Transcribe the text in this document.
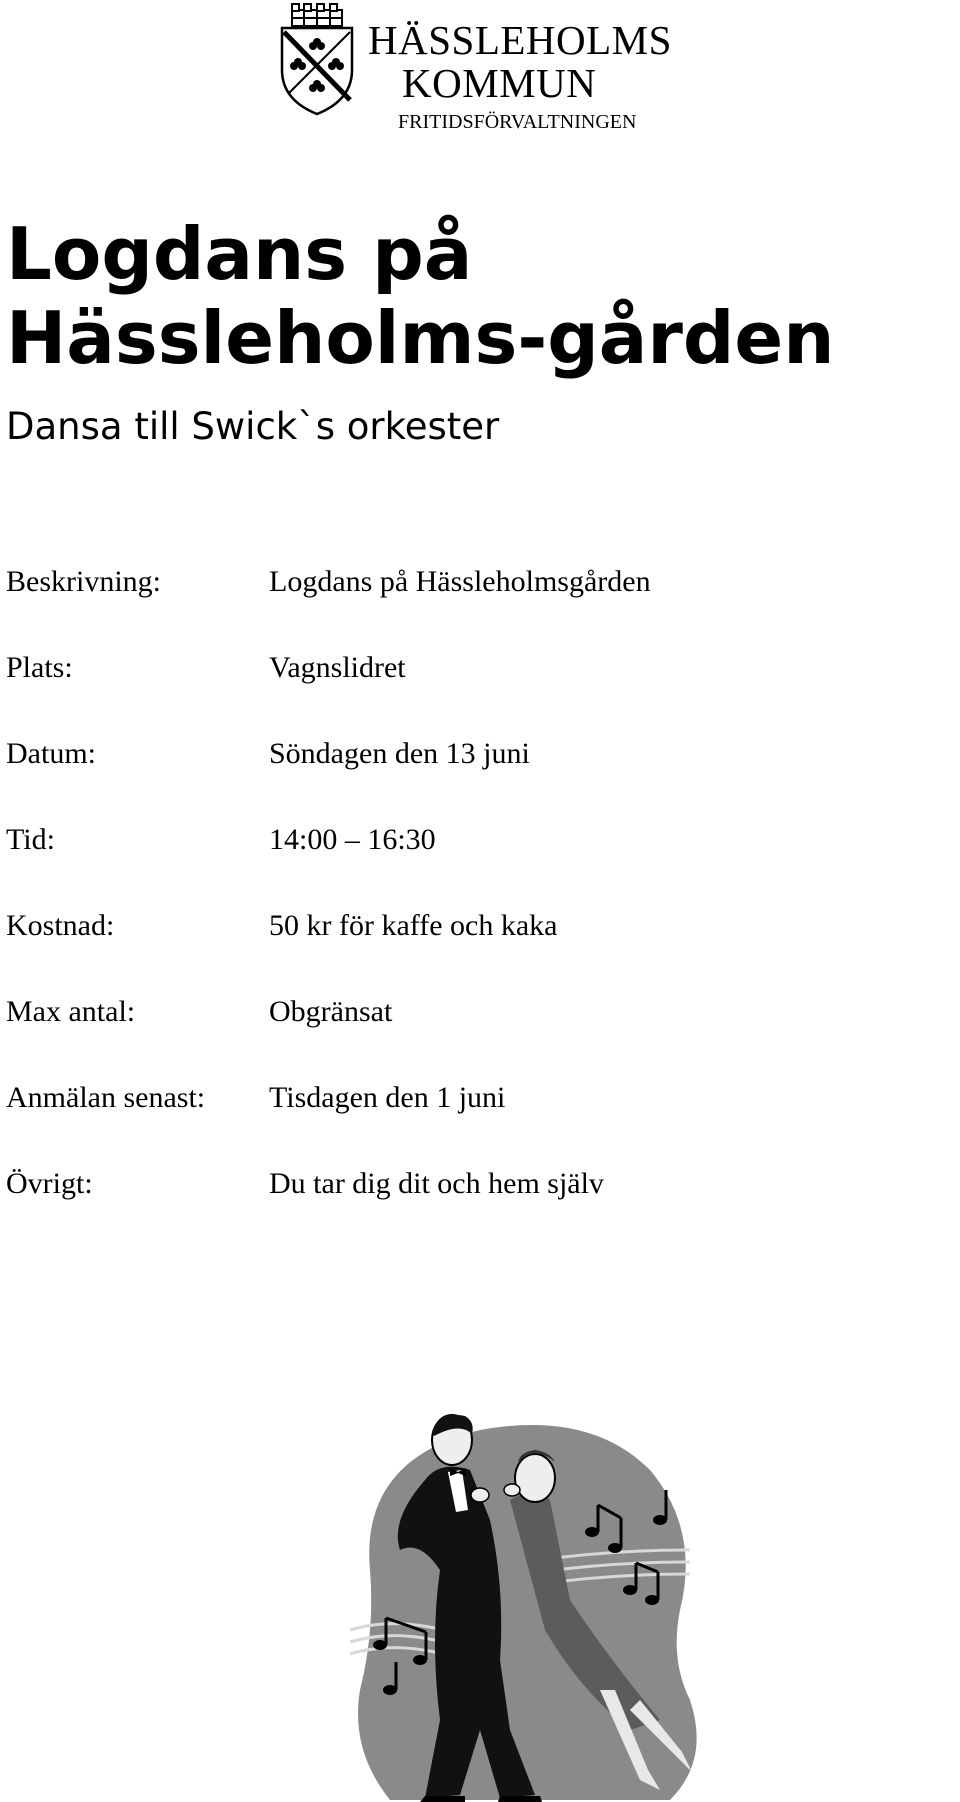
HÄSSLEHOLMS
KOMMUN
FRITIDSFÖRVALTNINGEN
Logdans på Hässleholms-gården
Dansa till Swick`s orkester
Beskrivning:	Logdans på Hässleholmsgården
Plats:	Vagnslidret
Datum:	Söndagen den 13 juni
Tid:	14:00 – 16:30
Kostnad:	50 kr för kaffe och kaka
Max antal:	Obgränsat
Anmälan senast: Tisdagen den 1 juni
Övrigt:	Du tar dig dit och hem själv
